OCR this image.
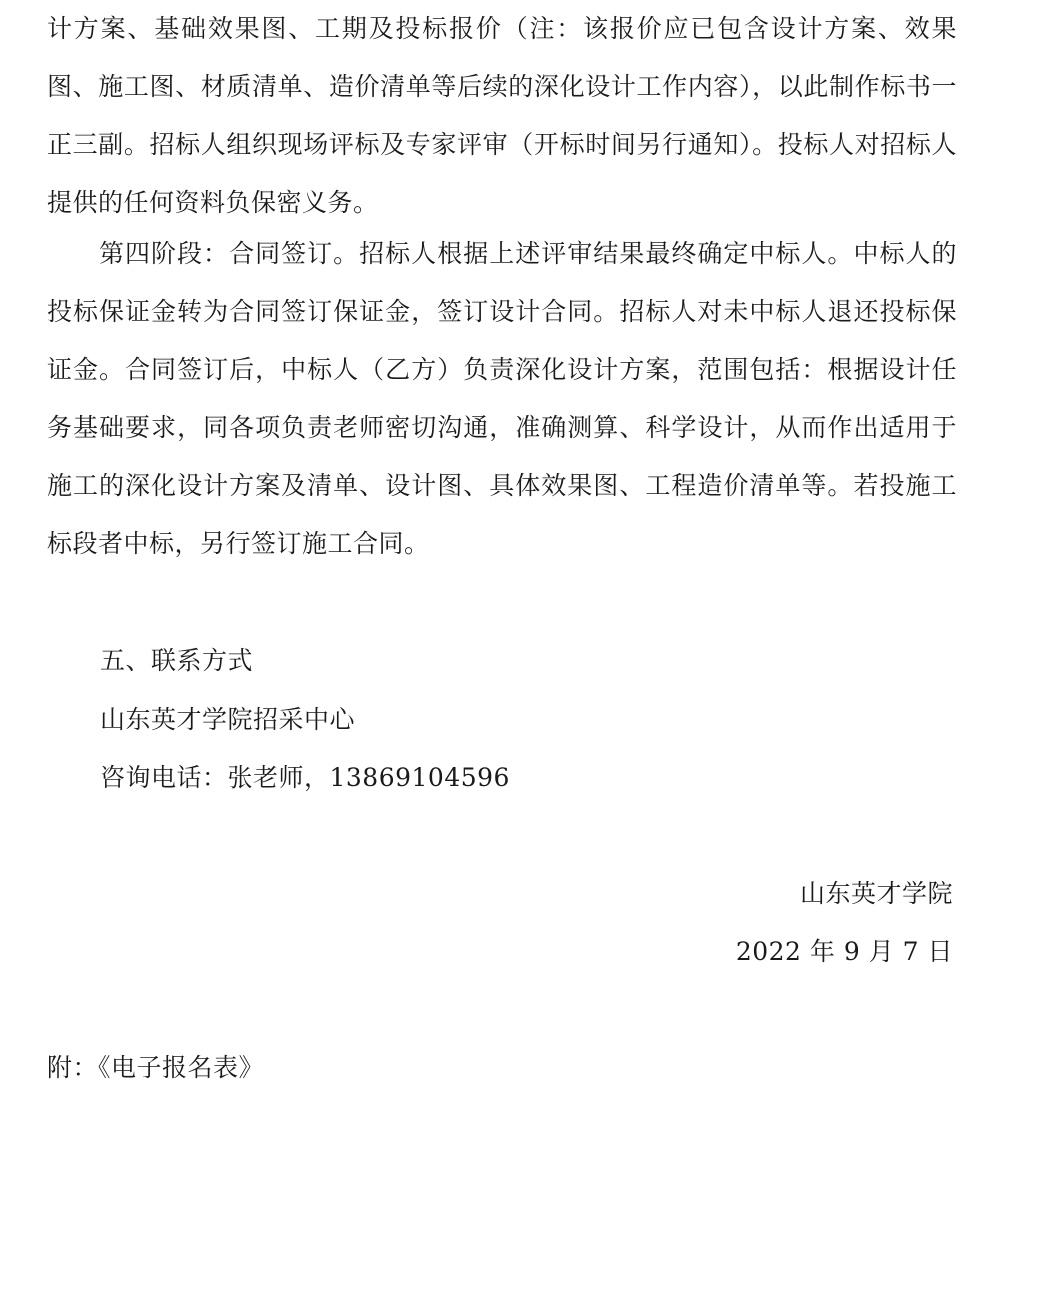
计方案、基础效果图、工期及投标报价（注：该报价应已包含设计方案、效果图、施工图、材质清单、造价清单等后续的深化设计工作内容），以此制作标书一正三副。招标人组织现场评标及专家评审（开标时间另行通知）。投标人对招标人提供的任何资料负保密义务。

第四阶段：合同签订。招标人根据上述评审结果最终确定中标人。中标人的投标保证金转为合同签订保证金，签订设计合同。招标人对未中标人退还投标保证金。合同签订后，中标人（乙方）负责深化设计方案，范围包括：根据设计任务基础要求，同各项负责老师密切沟通，准确测算、科学设计，从而作出适用于施工的深化设计方案及清单、设计图、具体效果图、工程造价清单等。若投施工标段者中标，另行签订施工合同。

五、联系方式

山东英才学院招采中心

咨询电话：张老师，13869104596

山东英才学院

2022 年 9 月 7 日

附：《电子报名表》
